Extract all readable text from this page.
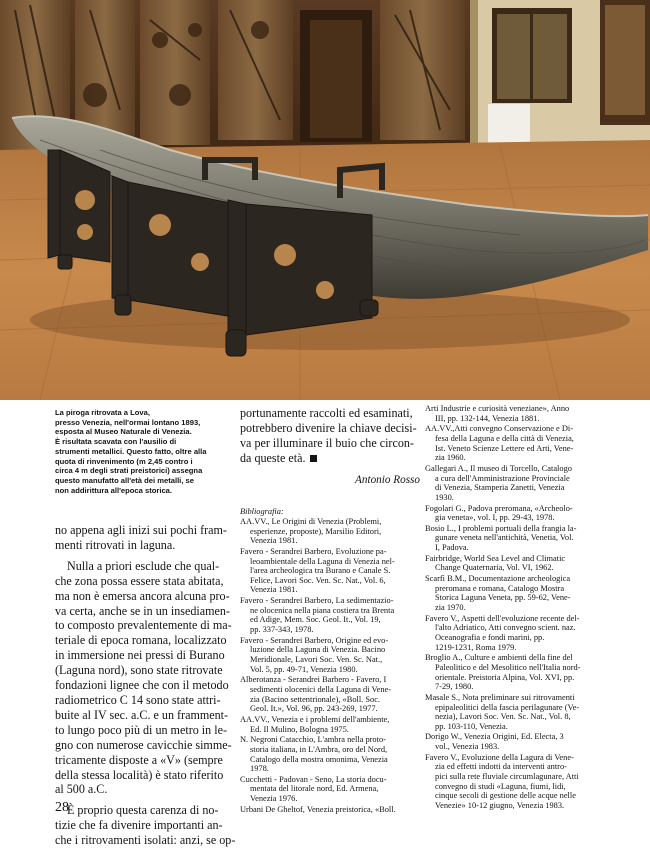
La piroga ritrovata a Lova,
presso Venezia, nell'ormai lontano 1893,
esposta al Museo Naturale di Venezia.
È risultata scavata con l'ausilio di
strumenti metallici. Questo fatto, oltre alla
quota di rinvenimento (m 2,45 contro i
circa 4 m degli strati preistorici) assegna
questo manufatto all'età dei metalli, se
non addirittura all'epoca storica.
no appena agli inizi sui pochi fram-
menti ritrovati in laguna.
Nulla a priori esclude che qual-
che zona possa essere stata abitata,
ma non è emersa ancora alcuna pro-
va certa, anche se in un insediamen-
to composto prevalentemente di ma-
teriale di epoca romana, localizzato
in immersione nei pressi di Burano
(Laguna nord), sono state ritrovate
fondazioni lignee che con il metodo
radiometrico C 14 sono state attri-
buite al IV sec. a.C. e un framment-
to lungo poco più di un metro in le-
gno con numerose cavicchie simme-
tricamente disposte a «V» (sempre
della stessa località) è stato riferito
al 500 a.C.
È proprio questa carenza di no-
tizie che fa divenire importanti an-
che i ritrovamenti isolati: anzi, se op-
portunamente raccolti ed esaminati,
potrebbero divenire la chiave decisi-
va per illuminare il buio che circon-
da queste età.
Antonio Rosso
Bibliografia:
AA.VV., Le Origini di Venezia (Problemi,
esperienze, proposte), Marsilio Editori,
Venezia 1981.
Favero - Serandrei Barbero, Evoluzione pa-
leoambientale della Laguna di Venezia nel-
l'area archeologica tra Burano e Canale S.
Felice, Lavori Soc. Ven. Sc. Nat., Vol. 6,
Venezia 1981.
Favero - Serandrei Barbero, La sedimentazio-
ne olocenica nella piana costiera tra Brenta
ed Adige, Mem. Soc. Geol. It., Vol. 19,
pp. 337-343, 1978.
Favero - Serandrei Barbero, Origine ed evo-
luzione della Laguna di Venezia. Bacino
Meridionale, Lavori Soc. Ven. Sc. Nat.,
Vol. 5, pp. 49-71, Venezia 1980.
Alberotanza - Serandrei Barbero - Favero, I
sedimenti olocenici della Laguna di Vene-
zia (Bacino settentrionale), «Boll. Soc.
Geol. It.», Vol. 96, pp. 243-269, 1977.
AA.VV., Venezia e i problemi dell'ambiente,
Ed. Il Mulino, Bologna 1975.
N. Negroni Catacchio, L'ambra nella proto-
storia italiana, in L'Ambra, oro del Nord,
Catalogo della mostra omonima, Venezia
1978.
Cucchetti - Padovan - Seno, La storia docu-
mentata del litorale nord, Ed. Armena,
Venezia 1976.
Urbani De Gheltof, Venezia preistorica, «Boll.
Arti Industrie e curiosità veneziane», Anno
III, pp. 132-144, Venezia 1881.
AA.VV.,Atti convegno Conservazione e Di-
fesa della Laguna e della città di Venezia,
Ist. Veneto Scienze Lettere ed Arti, Vene-
zia 1960.
Gallegari A., Il museo di Torcello, Catalogo
a cura dell'Amministrazione Provinciale
di Venezia, Stamperia Zanetti, Venezia
1930.
Fogolari G., Padova preromana, «Archeolo-
gia veneta», vol. I, pp. 29-43, 1978.
Bosio L., I problemi portuali della frangia la-
gunare veneta nell'antichità, Venetia, Vol.
I, Padova.
Fairbridge, World Sea Level and Climatic
Change Quaternaria, Vol. VI, 1962.
Scarfì B.M., Documentazione archeologica
preromana e romana, Catalogo Mostra
Storica Laguna Veneta, pp. 59-62, Vene-
zia 1970.
Favero V., Aspetti dell'evoluzione recente del-
l'alto Adriatico, Atti convegno scient. naz.
Oceanografia e fondi marini, pp.
1219-1231, Roma 1979.
Broglio A., Culture e ambienti della fine del
Paleolitico e del Mesolitico nell'Italia nord-
orientale. Preistoria Alpina, Vol. XVI, pp.
7-29, 1980.
Masale S., Nota preliminare sui ritrovamenti
epipaleolitici della fascia perilagunare (Ve-
nezia), Lavori Soc. Ven. Sc. Nat., Vol. 8,
pp. 103-110, Venezia.
Dorigo W., Venezia Origini, Ed. Electa, 3
vol., Venezia 1983.
Favero V., Evoluzione della Lagura di Vene-
zia ed effetti indotti da interventi antro-
pici sulla rete fluviale circumlagunare, Atti
convegno di studi «Laguna, fiumi, lidi,
cinque secoli di gestione delle acque nelle
Venezie» 10-12 giugno, Venezia 1983.
28
